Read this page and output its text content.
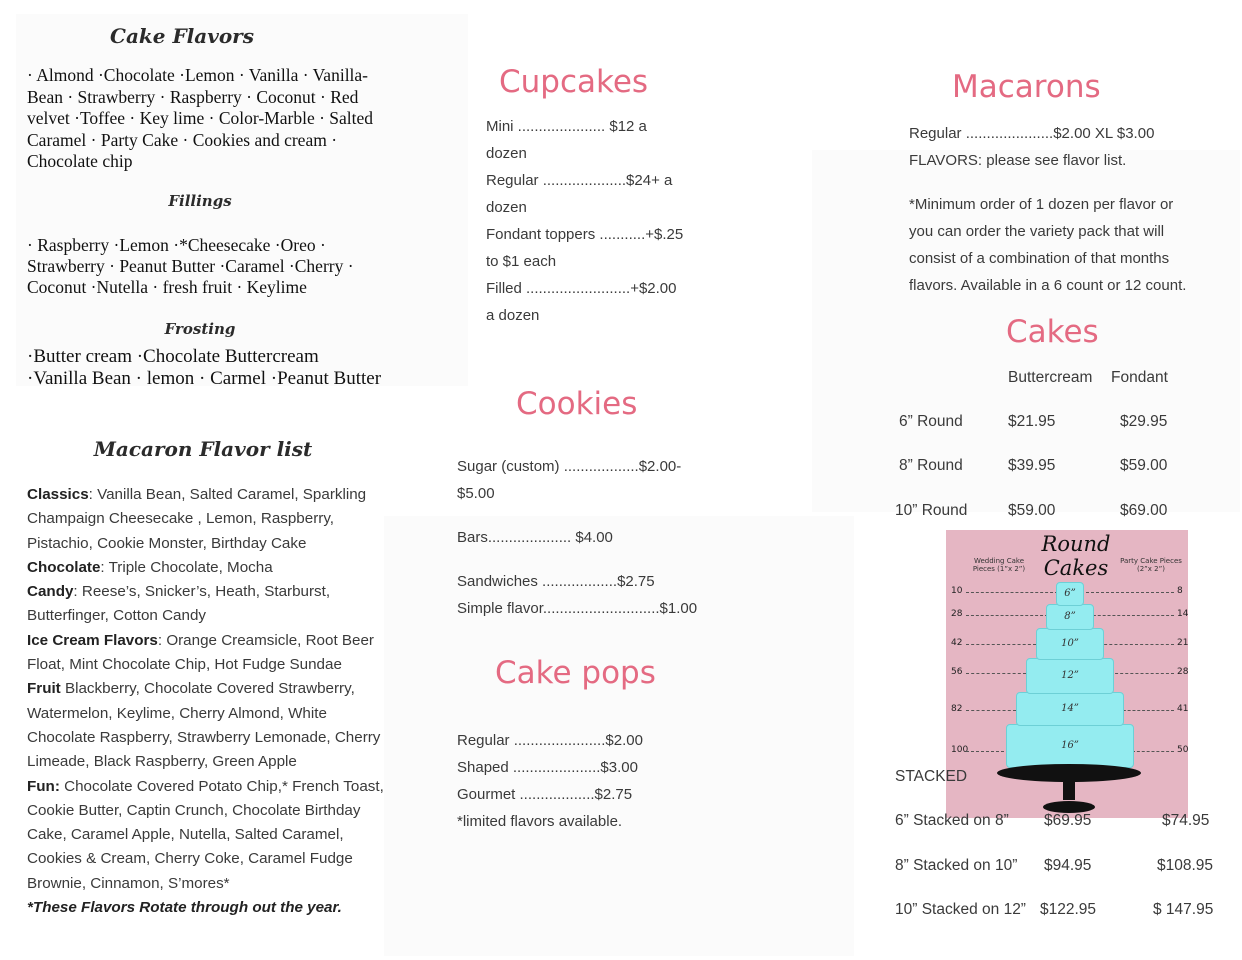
Cake Flavors
· Almond ·Chocolate ·Lemon · Vanilla · Vanilla-Bean · Strawberry · Raspberry · Coconut · Red velvet ·Toffee · Key lime · Color-Marble · Salted Caramel · Party Cake · Cookies and cream · Chocolate chip
Fillings
· Raspberry ·Lemon ·*Cheesecake ·Oreo · Strawberry · Peanut Butter ·Caramel ·Cherry · Coconut ·Nutella · fresh fruit · Keylime
Frosting
·Butter cream ·Chocolate Buttercream ·Vanilla Bean · lemon · Carmel ·Peanut Butter
Macaron Flavor list
Classics: Vanilla Bean, Salted Caramel, Sparkling Champaign Cheesecake , Lemon, Raspberry, Pistachio, Cookie Monster, Birthday Cake
Chocolate: Triple Chocolate, Mocha
Candy: Reese’s, Snicker’s, Heath, Starburst, Butterfinger, Cotton Candy
Ice Cream Flavors: Orange Creamsicle, Root Beer Float, Mint Chocolate Chip, Hot Fudge Sundae
Fruit Blackberry, Chocolate Covered Strawberry, Watermelon, Keylime, Cherry Almond, White Chocolate Raspberry, Strawberry Lemonade, Cherry Limeade, Black Raspberry, Green Apple
Fun: Chocolate Covered Potato Chip,* French Toast, Cookie Butter, Captin Crunch, Chocolate Birthday Cake, Caramel Apple, Nutella, Salted Caramel, Cookies & Cream, Cherry Coke, Caramel Fudge Brownie, Cinnamon, S’mores*
*These Flavors Rotate through out the year.
Cupcakes
Mini ..................... $12 a
dozen
Regular ....................$24+ a
dozen
Fondant toppers ...........+$.25
to $1 each
Filled .........................+$2.00
a dozen
Cookies
Sugar (custom) ..................$2.00-
$5.00
Bars.................... $4.00
Sandwiches ..................$2.75
Simple flavor............................$1.00
Cake pops
Regular ......................$2.00
Shaped .....................$3.00
Gourmet ..................$2.75
*limited flavors available.
Macarons
Regular .....................$2.00 XL $3.00
FLAVORS: please see flavor list.
*Minimum order of 1 dozen per flavor or
you can order the variety pack that will
consist of a combination of that months
flavors. Available in a 6 count or 12 count.
Cakes
Buttercream Fondant
6” Round	$21.95	$29.95
8” Round	$39.95	$59.00
10” Round	$59.00	$69.00
Round Cakes
Wedding Cake Pieces (1”x 2”)
Party Cake Pieces (2”x 2”)
10
28
42
56
82
100
8
14
21
28
41
50
16”
14”
12”
10”
8”
6”
STACKED
6” Stacked on 8” $69.95	$74.95
8” Stacked on 10” $94.95	$108.95
10” Stacked on 12” $122.95	$ 147.95
